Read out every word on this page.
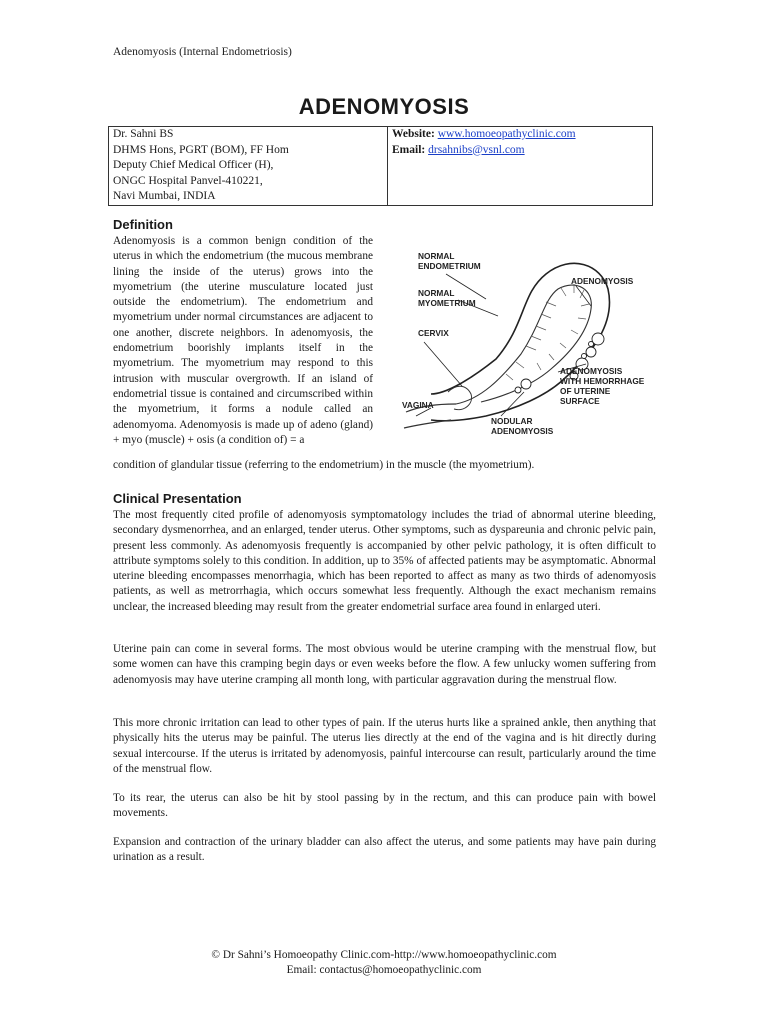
Adenomyosis (Internal Endometriosis)
ADENOMYOSIS
Dr. Sahni BS
DHMS Hons, PGRT (BOM), FF Hom
Deputy Chief Medical Officer (H),
ONGC Hospital Panvel-410221,
Navi Mumbai, INDIA

Website: www.homoeopathyclinic.com
Email: drsahnibs@vsnl.com
Definition

Adenomyosis is a common benign condition of the uterus in which the endometrium (the mucous membrane lining the inside of the uterus) grows into the myometrium (the uterine musculature located just outside the endometrium). The endometrium and myometrium under normal circumstances are adjacent to one another, discrete neighbors. In adenomyosis, the endometrium boorishly implants itself in the myometrium. The myometrium may respond to this intrusion with muscular overgrowth. If an island of endometrial tissue is contained and circumscribed within the myometrium, it forms a nodule called an adenomyoma. Adenomyosis is made up of adeno (gland) + myo (muscle) + osis (a condition of) = a

condition of glandular tissue (referring to the endometrium) in the muscle (the myometrium).

NORMAL
ENDOMETRIUM
NORMAL
MYOMETRIUM
CERVIX
ADENOMYOSIS
ADENOMYOSIS
WITH HEMORRHAGE
OF UTERINE
SURFACE
VAGINA
NODULAR
ADENOMYOSIS
Clinical Presentation

The most frequently cited profile of adenomyosis symptomatology includes the triad of abnormal uterine bleeding, secondary dysmenorrhea, and an enlarged, tender uterus. Other symptoms, such as dyspareunia and chronic pelvic pain, present less commonly. As adenomyosis frequently is accompanied by other pelvic pathology, it is often difficult to attribute symptoms solely to this condition. In addition, up to 35% of affected patients may be asymptomatic. Abnormal uterine bleeding encompasses menorrhagia, which has been reported to affect as many as two thirds of adenomyosis patients, as well as metrorrhagia, which occurs somewhat less frequently. Although the exact mechanism remains unclear, the increased bleeding may result from the greater endometrial surface area found in enlarged uteri.

Uterine pain can come in several forms. The most obvious would be uterine cramping with the menstrual flow, but some women can have this cramping begin days or even weeks before the flow. A few unlucky women suffering from adenomyosis may have uterine cramping all month long, with particular aggravation during the menstrual flow.

This more chronic irritation can lead to other types of pain. If the uterus hurts like a sprained ankle, then anything that physically hits the uterus may be painful. The uterus lies directly at the end of the vagina and is hit directly during sexual intercourse. If the uterus is irritated by adenomyosis, painful intercourse can result, particularly around the time of the menstrual flow.

To its rear, the uterus can also be hit by stool passing by in the rectum, and this can produce pain with bowel movements.

Expansion and contraction of the urinary bladder can also affect the uterus, and some patients may have pain during urination as a result.

© Dr Sahni’s Homoeopathy Clinic.com-http://www.homoeopathyclinic.com
Email: contactus@homoeopathyclinic.com
